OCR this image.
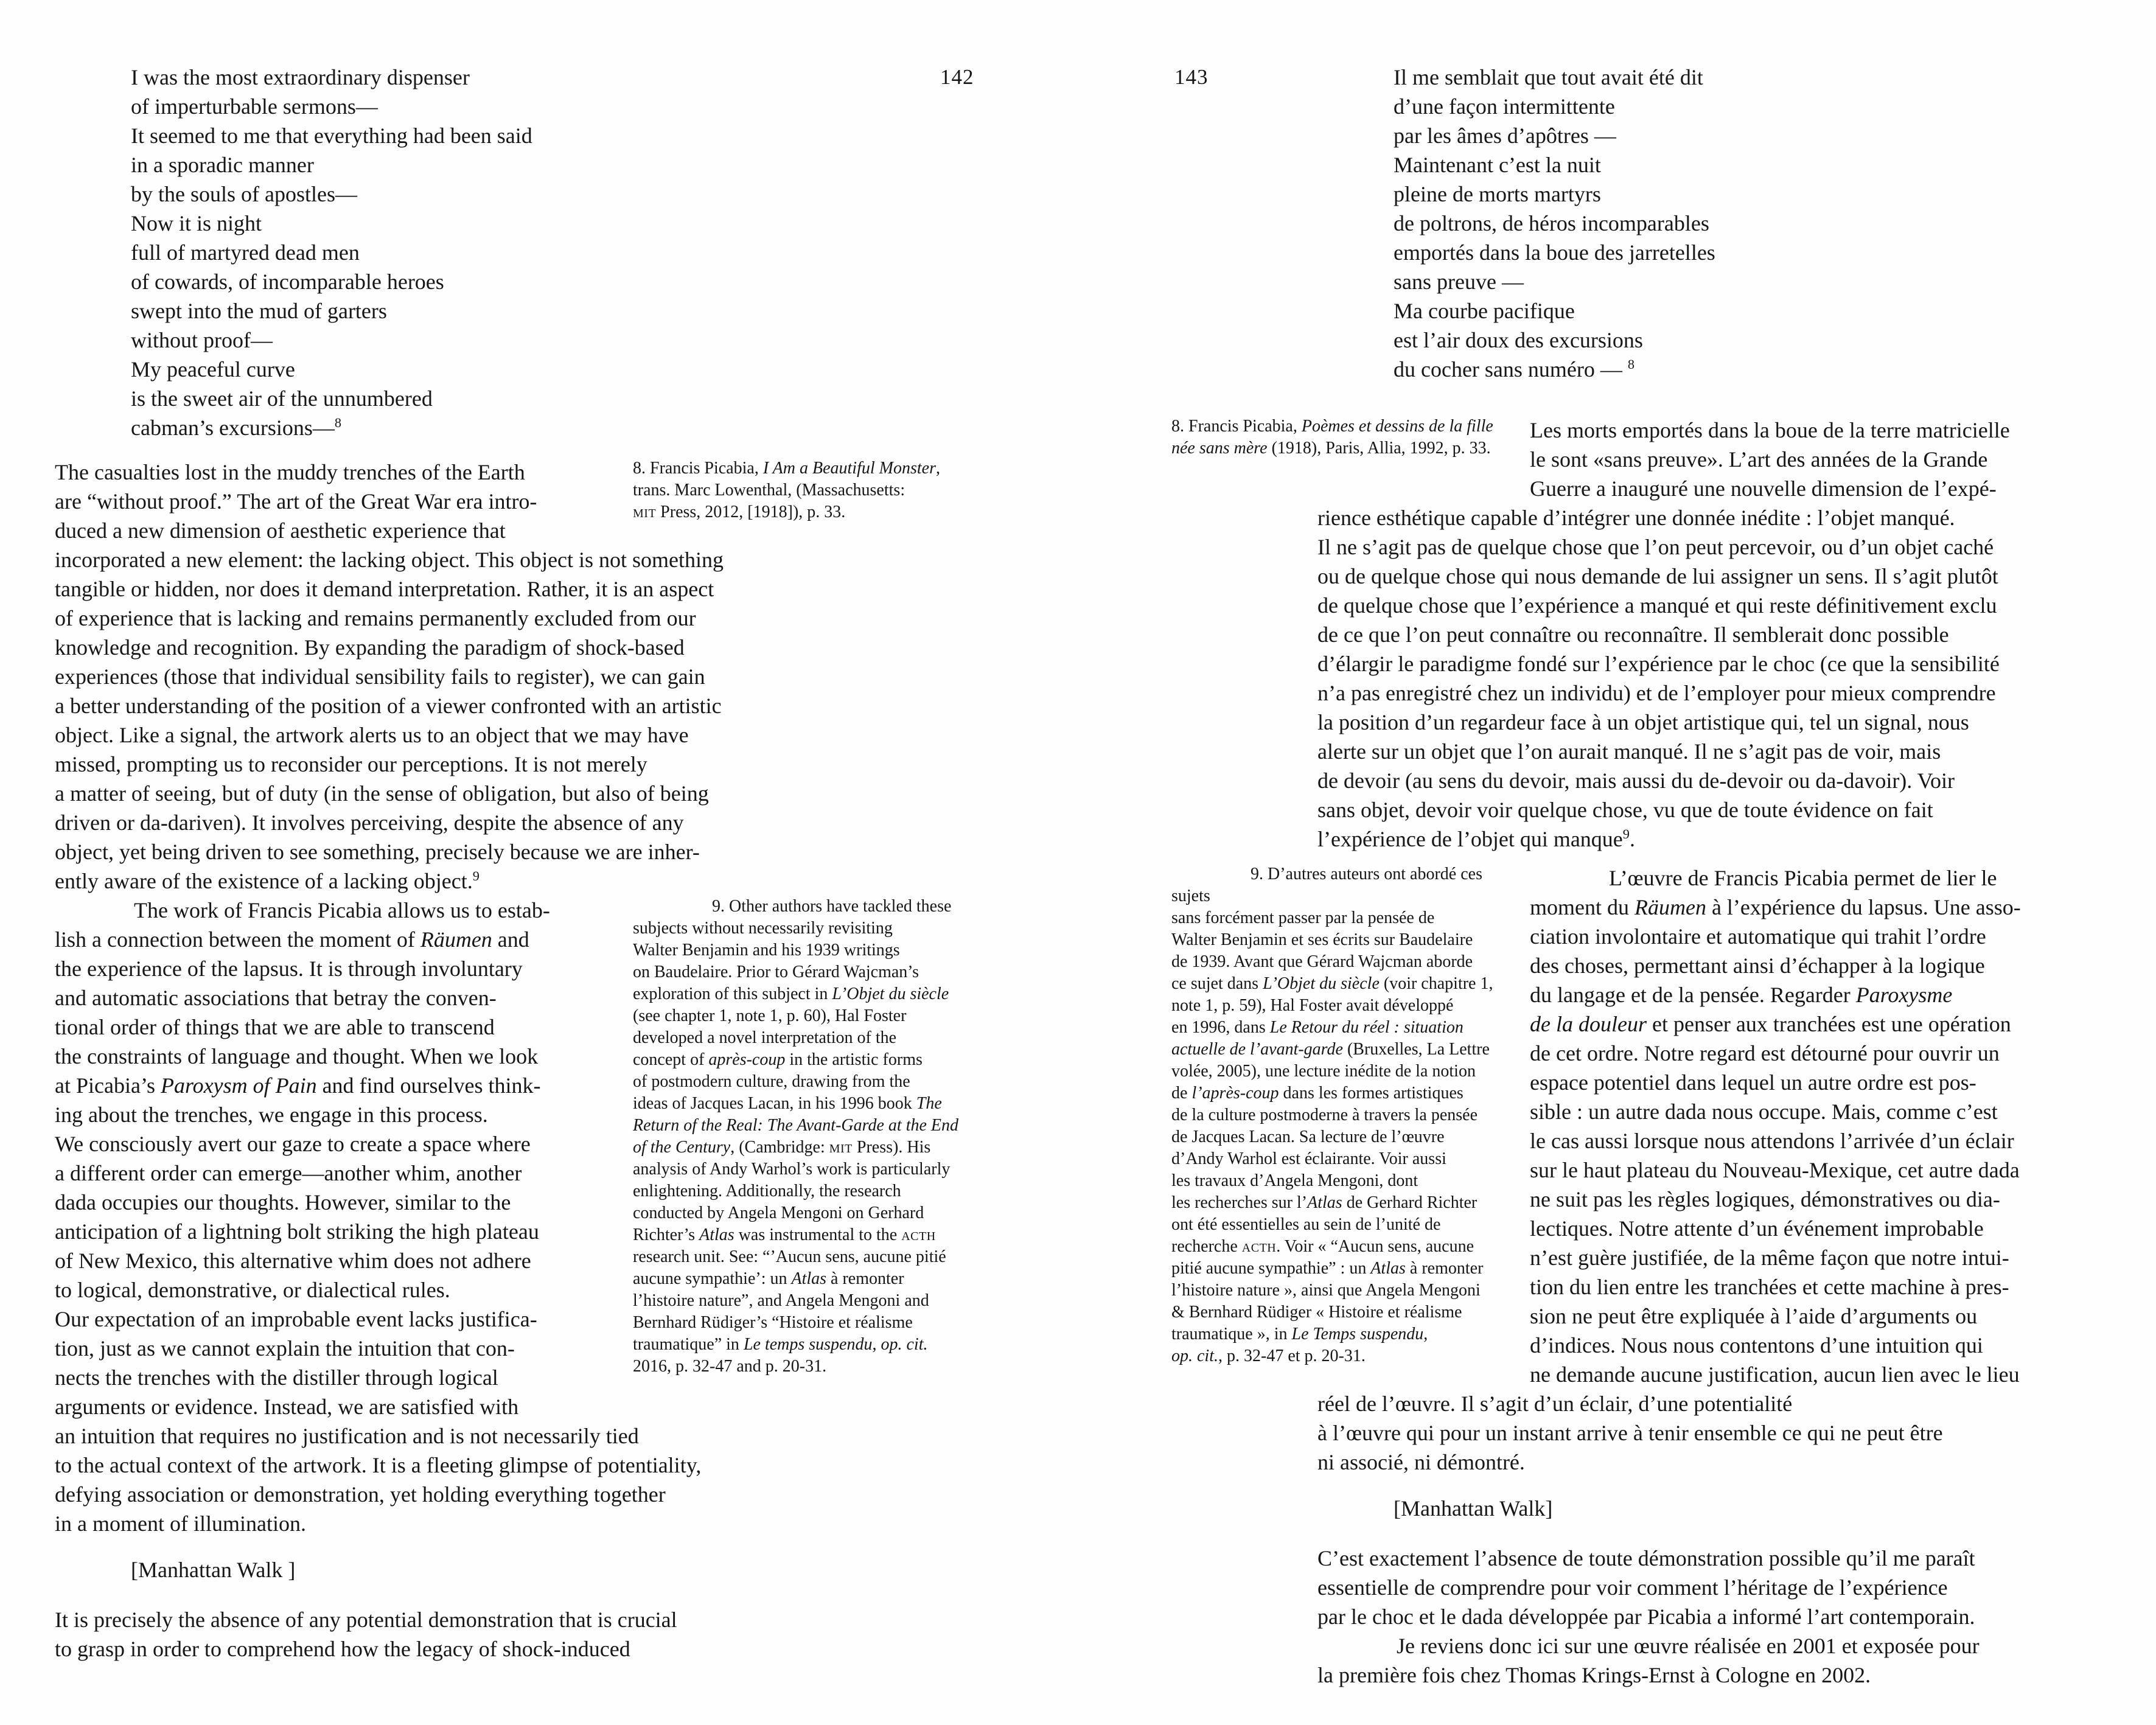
I was the most extraordinary dispenser
of imperturbable sermons—
It seemed to me that everything had been said
in a sporadic manner
by the souls of apostles—
Now it is night
full of martyred dead men
of cowards, of incomparable heroes
swept into the mud of garters
without proof—
My peaceful curve
is the sweet air of the unnumbered
cabman’s excursions—$^8$
142

8. Francis Picabia, I Am a Beautiful Monster,
trans. Marc Lowenthal, (Massachusetts:
mit Press, 2012, [1918]), p. 33.
The casualties lost in the muddy trenches of the Earth
are “without proof.” The art of the Great War era intro-
duced a new dimension of aesthetic experience that
incorporated a new element: the lacking object. This object is not something
tangible or hidden, nor does it demand interpretation. Rather, it is an aspect
of experience that is lacking and remains permanently excluded from our
knowledge and recognition. By expanding the paradigm of shock-based
experiences (those that individual sensibility fails to register), we can gain
a better understanding of the position of a viewer confronted with an artistic
object. Like a signal, the artwork alerts us to an object that we may have
missed, prompting us to reconsider our perceptions. It is not merely
a matter of seeing, but of duty (in the sense of obligation, but also of being
driven or da-dariven). It involves perceiving, despite the absence of any
object, yet being driven to see something, precisely because we are inher-
ently aware of the existence of a lacking object.$^9$

9. Other authors have tackled these
subjects without necessarily revisiting
Walter Benjamin and his 1939 writings
on Baudelaire. Prior to Gérard Wajcman’s
exploration of this subject in L’Objet du siècle
(see chapter 1, note 1, p. 60), Hal Foster
developed a novel interpretation of the
concept of après-coup in the artistic forms
of postmodern culture, drawing from the
ideas of Jacques Lacan, in his 1996 book The
Return of the Real: The Avant-Garde at the End
of the Century, (Cambridge: mit Press). His
analysis of Andy Warhol’s work is particularly
enlightening. Additionally, the research
conducted by Angela Mengoni on Gerhard
Richter’s Atlas was instrumental to the acth
research unit. See: “’Aucun sens, aucune pitié
aucune sympathie’: un Atlas à remonter
l’histoire nature”, and Angela Mengoni and
Bernhard Rüdiger’s “Histoire et réalisme
traumatique” in Le temps suspendu, op. cit.
2016, p. 32-47 and p. 20-31.
The work of Francis Picabia allows us to estab-
lish a connection between the moment of Räumen and
the experience of the lapsus. It is through involuntary
and automatic associations that betray the conven-
tional order of things that we are able to transcend
the constraints of language and thought. When we look
at Picabia’s Paroxysm of Pain and find ourselves think-
ing about the trenches, we engage in this process.
We consciously avert our gaze to create a space where
a different order can emerge—another whim, another
dada occupies our thoughts. However, similar to the
anticipation of a lightning bolt striking the high plateau
of New Mexico, this alternative whim does not adhere
to logical, demonstrative, or dialectical rules.
Our expectation of an improbable event lacks justifica-
tion, just as we cannot explain the intuition that con-
nects the trenches with the distiller through logical
arguments or evidence. Instead, we are satisfied with
an intuition that requires no justification and is not necessarily tied
to the actual context of the artwork. It is a fleeting glimpse of potentiality,
defying association or demonstration, yet holding everything together
in a moment of illumination.

[Manhattan Walk ]

It is precisely the absence of any potential demonstration that is crucial
to grasp in order to comprehend how the legacy of shock-induced

143	Il me semblait que tout avait été dit
d’une façon intermittente
par les âmes d’apôtres —
Maintenant c’est la nuit
pleine de morts martyrs
de poltrons, de héros incomparables
emportés dans la boue des jarretelles
sans preuve —
Ma courbe pacifique
est l’air doux des excursions
du cocher sans numéro — $^8$

8. Francis Picabia, Poèmes et dessins de la fille
née sans mère (1918), Paris, Allia, 1992, p. 33.
Les morts emportés dans la boue de la terre matricielle
le sont «sans preuve». L’art des années de la Grande
Guerre a inauguré une nouvelle dimension de l’expé-
rience esthétique capable d’intégrer une donnée inédite : l’objet manqué.
Il ne s’agit pas de quelque chose que l’on peut percevoir, ou d’un objet caché
ou de quelque chose qui nous demande de lui assigner un sens. Il s’agit plutôt
de quelque chose que l’expérience a manqué et qui reste définitivement exclu
de ce que l’on peut connaître ou reconnaître. Il semblerait donc possible
d’élargir le paradigme fondé sur l’expérience par le choc (ce que la sensibilité
n’a pas enregistré chez un individu) et de l’employer pour mieux comprendre
la position d’un regardeur face à un objet artistique qui, tel un signal, nous
alerte sur un objet que l’on aurait manqué. Il ne s’agit pas de voir, mais
de devoir (au sens du devoir, mais aussi du de-devoir ou da-davoir). Voir
sans objet, devoir voir quelque chose, vu que de toute évidence on fait
l’expérience de l’objet qui manque$^9$.

9. D’autres auteurs ont abordé ces sujets
sans forcément passer par la pensée de
Walter Benjamin et ses écrits sur Baudelaire
de 1939. Avant que Gérard Wajcman aborde
ce sujet dans L’Objet du siècle (voir chapitre 1,
note 1, p. 59), Hal Foster avait développé
en 1996, dans Le Retour du réel : situation
actuelle de l’avant-garde (Bruxelles, La Lettre
volée, 2005), une lecture inédite de la notion
de l’après-coup dans les formes artistiques
de la culture postmoderne à travers la pensée
de Jacques Lacan. Sa lecture de l’œuvre
d’Andy Warhol est éclairante. Voir aussi
les travaux d’Angela Mengoni, dont
les recherches sur l’Atlas de Gerhard Richter
ont été essentielles au sein de l’unité de
recherche acth. Voir « “Aucun sens, aucune
pitié aucune sympathie” : un Atlas à remonter
l’histoire nature », ainsi que Angela Mengoni
& Bernhard Rüdiger « Histoire et réalisme
traumatique », in Le Temps suspendu,
op. cit., p. 32-47 et p. 20-31.
L’œuvre de Francis Picabia permet de lier le
moment du Räumen à l’expérience du lapsus. Une asso-
ciation involontaire et automatique qui trahit l’ordre
des choses, permettant ainsi d’échapper à la logique
du langage et de la pensée. Regarder Paroxysme
de la douleur et penser aux tranchées est une opération
de cet ordre. Notre regard est détourné pour ouvrir un
espace potentiel dans lequel un autre ordre est pos-
sible : un autre dada nous occupe. Mais, comme c’est
le cas aussi lorsque nous attendons l’arrivée d’un éclair
sur le haut plateau du Nouveau-Mexique, cet autre dada
ne suit pas les règles logiques, démonstratives ou dia-
lectiques. Notre attente d’un événement improbable
n’est guère justifiée, de la même façon que notre intui-
tion du lien entre les tranchées et cette machine à pres-
sion ne peut être expliquée à l’aide d’arguments ou
d’indices. Nous nous contentons d’une intuition qui
ne demande aucune justification, aucun lien avec le lieu
réel de l’œuvre. Il s’agit d’un éclair, d’une potentialité
à l’œuvre qui pour un instant arrive à tenir ensemble ce qui ne peut être
ni associé, ni démontré.

[Manhattan Walk]

C’est exactement l’absence de toute démonstration possible qu’il me paraît
essentielle de comprendre pour voir comment l’héritage de l’expérience
par le choc et le dada développée par Picabia a informé l’art contemporain.
Je reviens donc ici sur une œuvre réalisée en 2001 et exposée pour
la première fois chez Thomas Krings-Ernst à Cologne en 2002.
